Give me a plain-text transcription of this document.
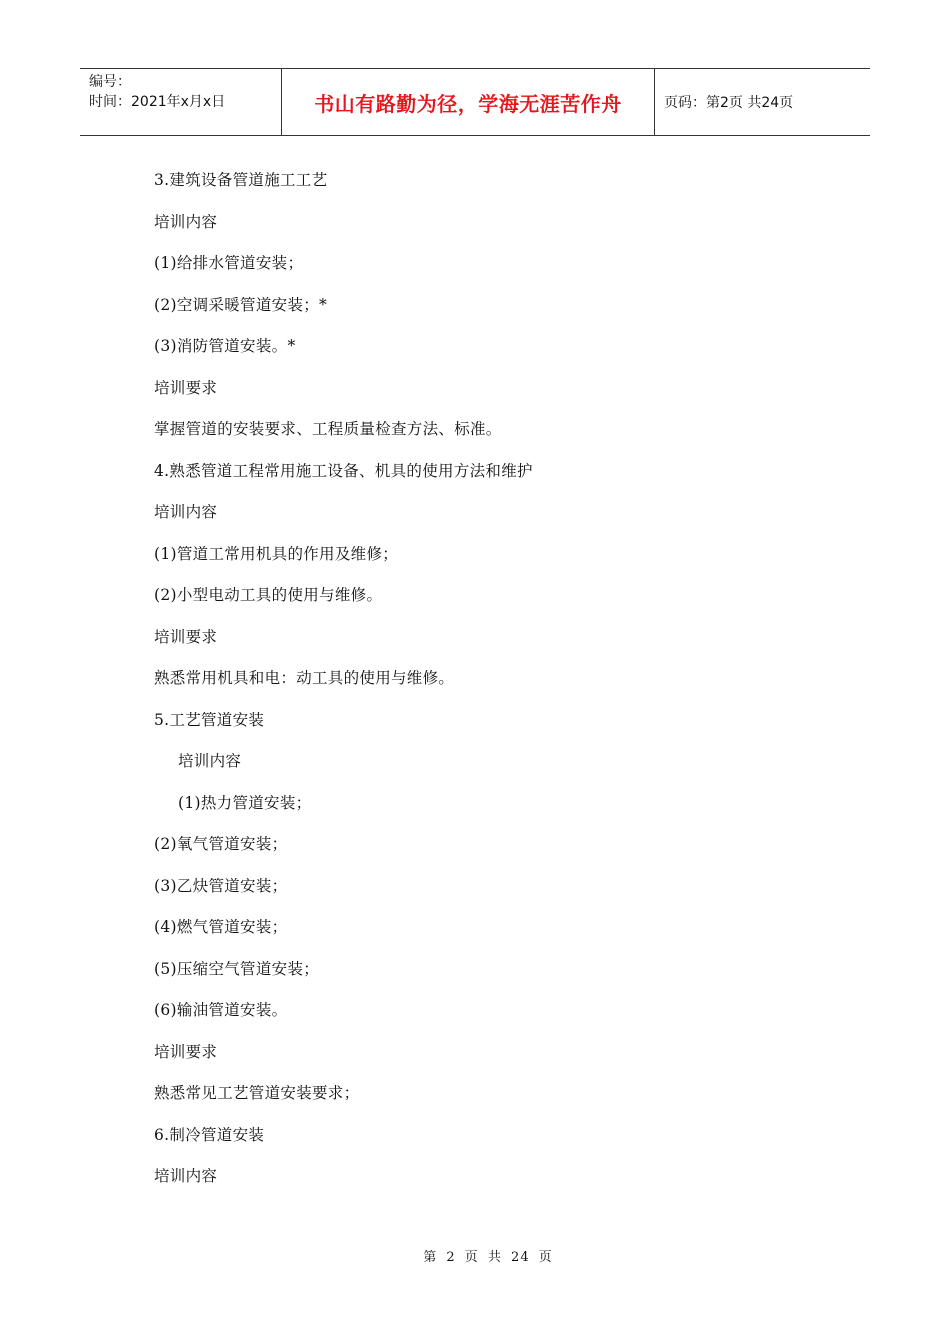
编号：
时间：2021年x月x日	书山有路勤为径，学海无涯苦作舟	页码：第2页 共24页
3.建筑设备管道施工工艺
培训内容
(1)给排水管道安装；
(2)空调采暖管道安装；*
(3)消防管道安装。*
培训要求
掌握管道的安装要求、工程质量检查方法、标准。
4.熟悉管道工程常用施工设备、机具的使用方法和维护
培训内容
(1)管道工常用机具的作用及维修；
(2)小型电动工具的使用与维修。
培训要求
熟悉常用机具和电：动工具的使用与维修。
5.工艺管道安装
培训内容
(1)热力管道安装；
(2)氧气管道安装；
(3)乙炔管道安装；
(4)燃气管道安装；
(5)压缩空气管道安装；
(6)输油管道安装。
培训要求
熟悉常见工艺管道安装要求；
6.制冷管道安装
培训内容
第 2 页 共 24 页
